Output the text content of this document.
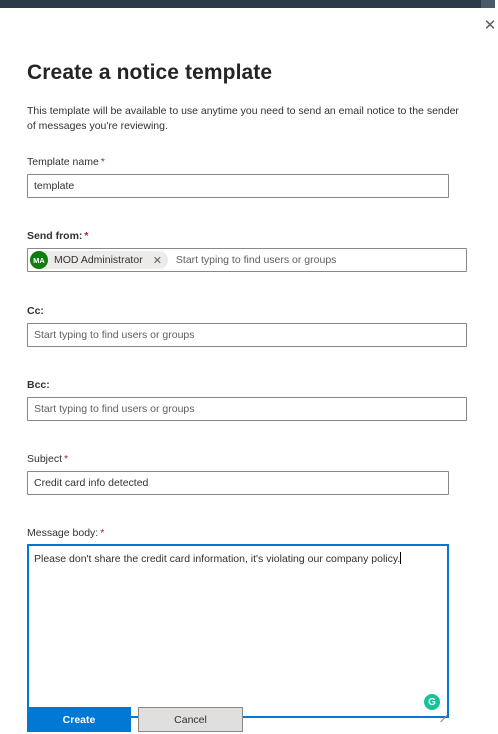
✕
Create a notice template

This template will be available to use anytime you need to send an email notice to the sender of messages you're reviewing.

Template name *
template
Send from: *
MA MOD Administrator ✕ Start typing to find users or groups
Cc:
Start typing to find users or groups
Bcc:
Start typing to find users or groups
Subject *
Credit card info detected
Message body: *
Please don't share the credit card information, it's violating our company policy.
G
Create	Cancel
